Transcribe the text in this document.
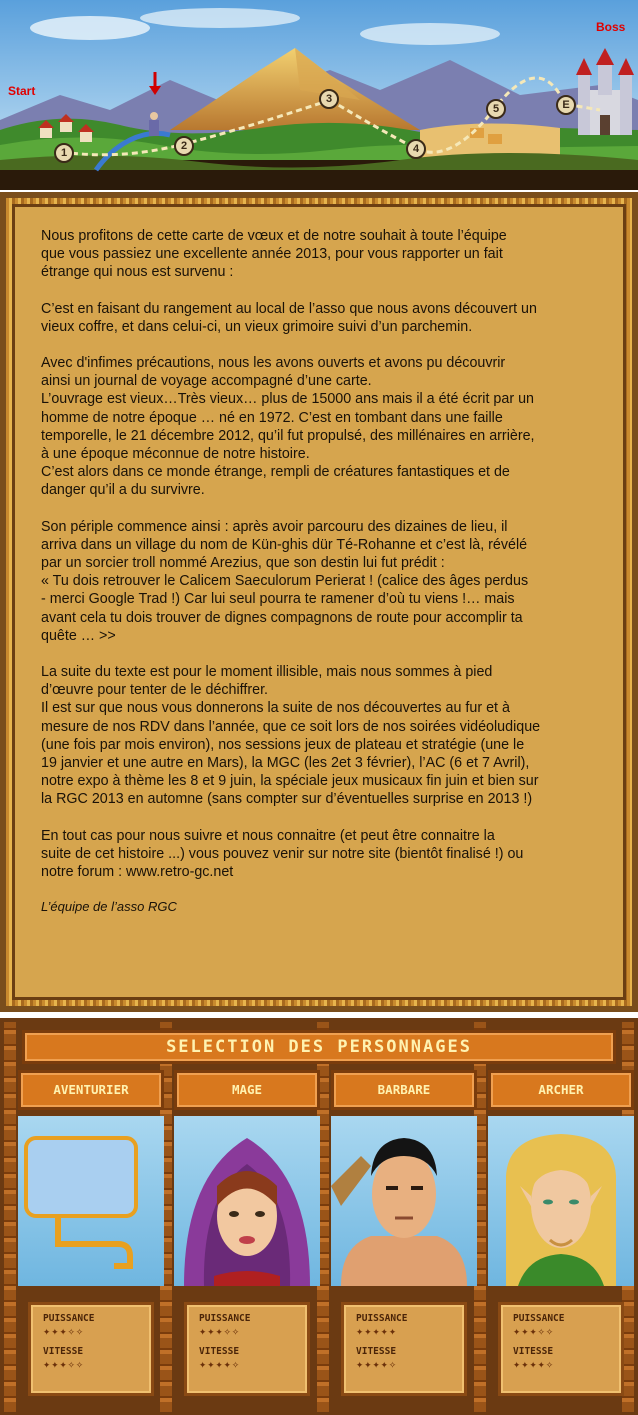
Start
Boss
1
2
3
4
5	E
Nous profitons de cette carte de vœux et de notre souhait à toute l’équipe
que vous passiez une excellente année 2013, pour vous rapporter un fait
étrange qui nous est survenu :
C’est en faisant du rangement au local de l’asso que nous avons découvert un
vieux coffre, et dans celui-ci, un vieux grimoire suivi d’un parchemin.
Avec d'infimes précautions, nous les avons ouverts et avons pu découvrir
ainsi un journal de voyage accompagné d’une carte.
L’ouvrage est vieux…Très vieux… plus de 15000 ans mais il a été écrit par un
homme de notre époque … né en 1972. C’est en tombant dans une faille
temporelle, le 21 décembre 2012, qu’il fut propulsé, des millénaires en arrière,
à une époque méconnue de notre histoire.
C’est alors dans ce monde étrange, rempli de créatures fantastiques et de
danger qu’il a du survivre.
Son périple commence ainsi : après avoir parcouru des dizaines de lieu, il
arriva dans un village du nom de Kün-ghis dür Té-Rohanne et c’est là, révélé
par un sorcier troll nommé Arezius, que son destin lui fut prédit :
« Tu dois retrouver le Calicem Saeculorum Perierat ! (calice des âges perdus
- merci Google Trad !) Car lui seul pourra te ramener d’où tu viens !… mais
avant cela tu dois trouver de dignes compagnons de route pour accomplir ta
quête … >>
La suite du texte est pour le moment illisible, mais nous sommes à pied
d’œuvre pour tenter de le déchiffrer.
Il est sur que nous vous donnerons la suite de nos découvertes au fur et à
mesure de nos RDV dans l’année, que ce soit lors de nos soirées vidéoludique
(une fois par mois environ), nos sessions jeux de plateau et stratégie (une le
19 janvier et une autre en Mars), la MGC (les 2et 3 février), l’AC (6 et 7 Avril),
notre expo à thème les 8 et 9 juin, la spéciale jeux musicaux fin juin et bien sur
la RGC 2013 en automne (sans compter sur d’éventuelles surprise en 2013 !)
En tout cas pour nous suivre et nous connaitre (et peut être connaitre la
suite de cet histoire ...) vous pouvez venir sur notre site (bientôt finalisé !) ou
notre forum : www.retro-gc.net
L’équipe de l’asso RGC
SELECTION DES PERSONNAGES
AVENTURIER
PUISSANCE
✦✦✦✧✧
VITESSE
✦✦✦✧✧
MAGE
PUISSANCE
✦✦✦✧✧
VITESSE
✦✦✦✦✧
BARBARE
PUISSANCE
✦✦✦✦✦
VITESSE
✦✦✦✦✧
ARCHER
PUISSANCE
✦✦✦✧✧
VITESSE
✦✦✦✦✧
